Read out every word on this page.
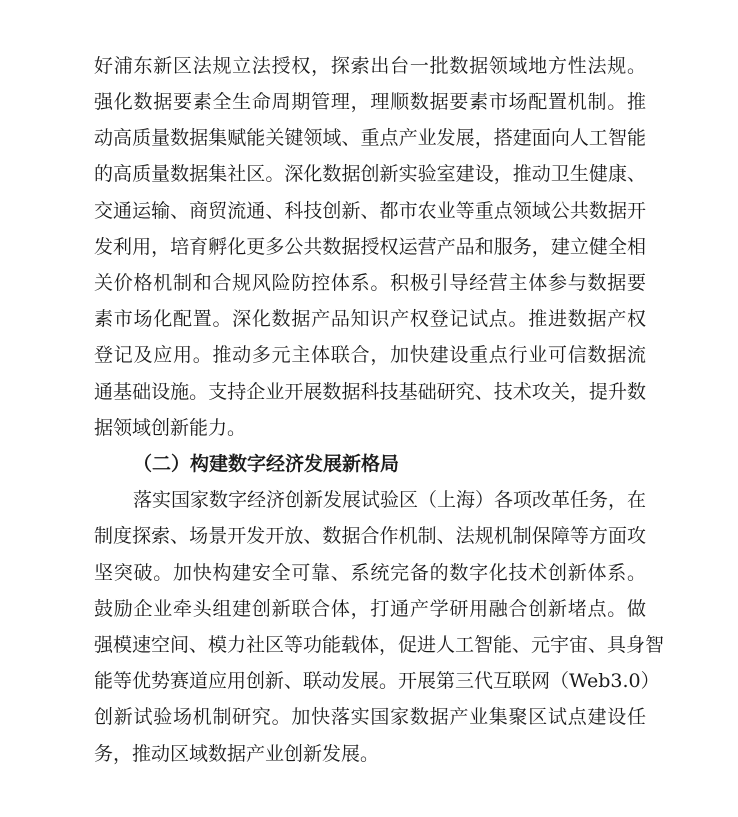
好浦东新区法规立法授权，探索出台一批数据领域地方性法规。
强化数据要素全生命周期管理，理顺数据要素市场配置机制。推
动高质量数据集赋能关键领域、重点产业发展，搭建面向人工智能
的高质量数据集社区。深化数据创新实验室建设，推动卫生健康、
交通运输、商贸流通、科技创新、都市农业等重点领域公共数据开
发利用，培育孵化更多公共数据授权运营产品和服务，建立健全相
关价格机制和合规风险防控体系。积极引导经营主体参与数据要
素市场化配置。深化数据产品知识产权登记试点。推进数据产权
登记及应用。推动多元主体联合，加快建设重点行业可信数据流
通基础设施。支持企业开展数据科技基础研究、技术攻关，提升数
据领域创新能力。
（二）构建数字经济发展新格局
落实国家数字经济创新发展试验区（上海）各项改革任务，在
制度探索、场景开发开放、数据合作机制、法规机制保障等方面攻
坚突破。加快构建安全可靠、系统完备的数字化技术创新体系。
鼓励企业牵头组建创新联合体，打通产学研用融合创新堵点。做
强模速空间、模力社区等功能载体，促进人工智能、元宇宙、具身智
能等优势赛道应用创新、联动发展。开展第三代互联网（Web3.0）
创新试验场机制研究。加快落实国家数据产业集聚区试点建设任
务，推动区域数据产业创新发展。
